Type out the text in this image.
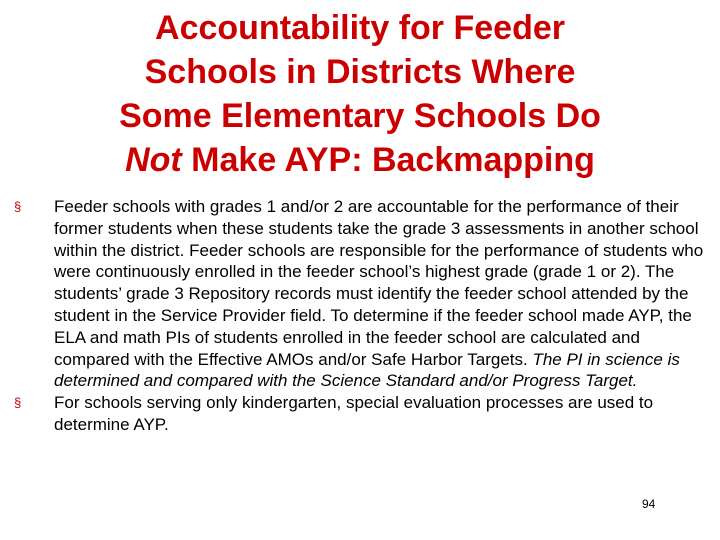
Accountability for Feeder
Schools in Districts Where
Some Elementary Schools Do
Not Make AYP: Backmapping
§	Feeder schools with grades 1 and/or 2 are accountable for the performance of their former students when these students take the grade 3 assessments in another school within the district. Feeder schools are responsible for the performance of students who were continuously enrolled in the feeder school’s highest grade (grade 1 or 2). The students’ grade 3 Repository records must identify the feeder school attended by the student in the Service Provider field. To determine if the feeder school made AYP, the ELA and math PIs of students enrolled in the feeder school are calculated and compared with the Effective AMOs and/or Safe Harbor Targets. The PI in science is determined and compared with the Science Standard and/or Progress Target.
§	For schools serving only kindergarten, special evaluation processes are used to determine AYP.
94
